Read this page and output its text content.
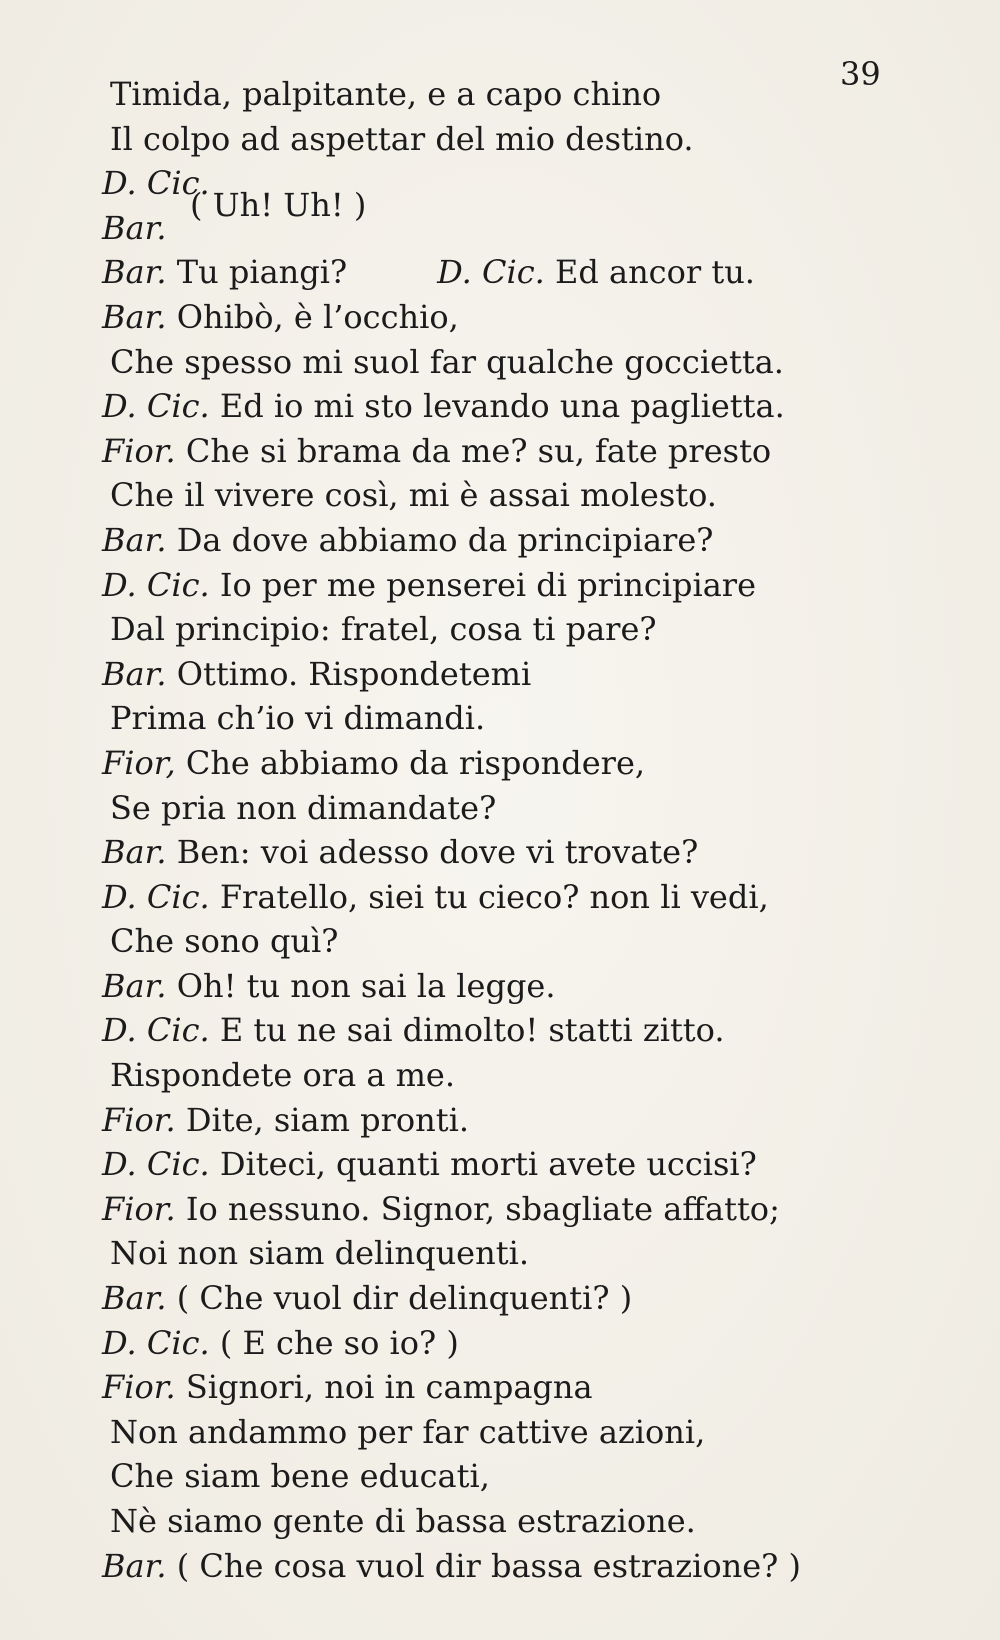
39
Timida, palpitante, e a capo chino
Il colpo ad aspettar del mio destino.
D. Cic.
Bar.
( Uh! Uh! )
Bar. Tu piangi?	D. Cic. Ed ancor tu.
Bar. Ohibò, è l’occhio,
Che spesso mi suol far qualche goccietta.
D. Cic. Ed io mi sto levando una paglietta.
Fior. Che si brama da me? su, fate presto
Che il vivere così, mi è assai molesto.
Bar. Da dove abbiamo da principiare?
D. Cic. Io per me penserei di principiare
Dal principio: fratel, cosa ti pare?
Bar. Ottimo. Rispondetemi
Prima ch’io vi dimandi.
Fior, Che abbiamo da rispondere,
Se pria non dimandate?
Bar. Ben: voi adesso dove vi trovate?
D. Cic. Fratello, siei tu cieco? non li vedi,
Che sono quì?
Bar. Oh! tu non sai la legge.
D. Cic. E tu ne sai dimolto! statti zitto.
Rispondete ora a me.
Fior. Dite, siam pronti.
D. Cic. Diteci, quanti morti avete uccisi?
Fior. Io nessuno. Signor, sbagliate affatto;
Noi non siam delinquenti.
Bar. ( Che vuol dir delinquenti? )
D. Cic. ( E che so io? )
Fior. Signori, noi in campagna
Non andammo per far cattive azioni,
Che siam bene educati,
Nè siamo gente di bassa estrazione.
Bar. ( Che cosa vuol dir bassa estrazione? )
